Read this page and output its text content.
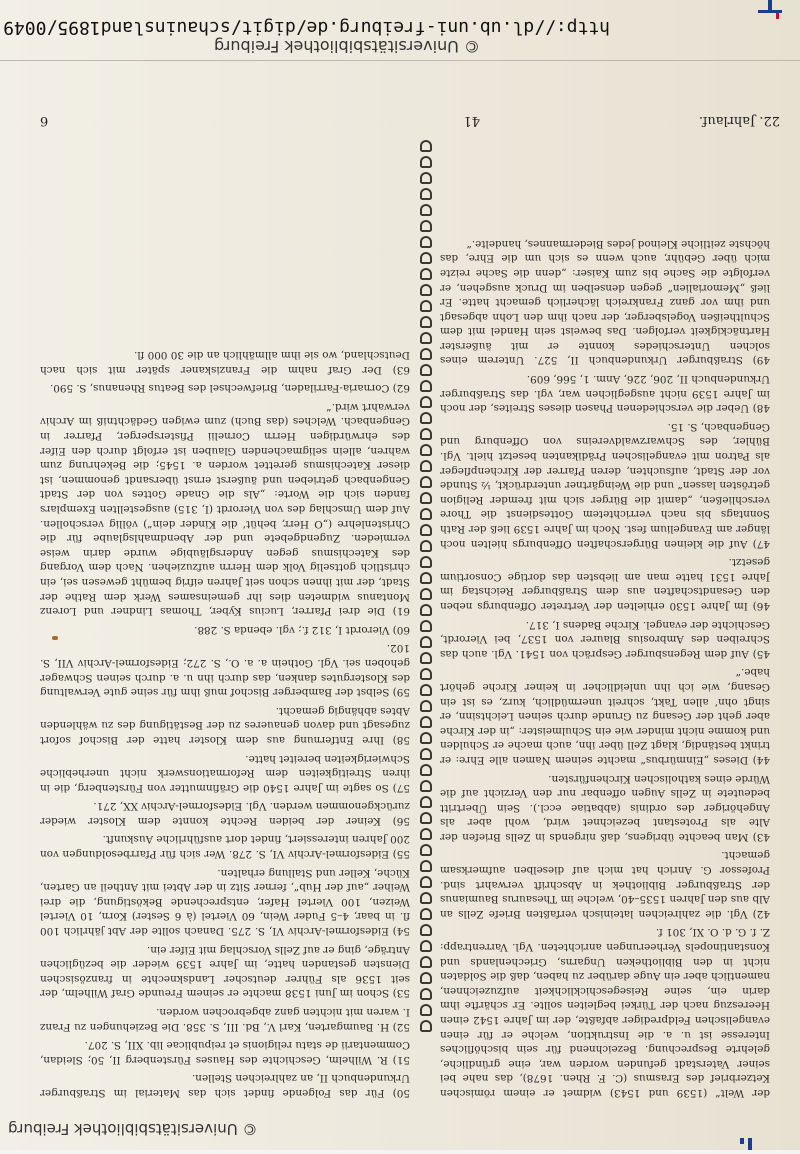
http://dl.ub.uni-freiburg.de/digit/schauinsland1895/0049
© Universitätsbibliothek Freiburg
22. Jahrlauf.
41
6

der Welt“ (1539 und 1543) widmet er einem römischen Ketzerbrief des Erasmus (C. F. Rhen. 1678), das nahe bei seiner Vaterstadt gefunden worden war, eine gründliche, gelehrte Besprechung. Bezeichnend für sein bischöfliches Interesse ist u. a. die Instruktion, welche er für einen evangelischen Feldprediger abfaßte, der im Jahre 1542 einen Heereszug nach der Türkei begleiten sollte. Er schärfte ihm darin ein, seine Reisegeschicklichkeit aufzuzeichnen, namentlich aber ein Auge darüber zu haben, daß die Soldaten nicht in den Bibliotheken Ungarns, Griechenlands und Konstantinopels Verheerungen anrichteten. Vgl. Varrentrapp: Z. f. G. d. O. XI, 301 f.

42) Vgl. die zahlreichen lateinisch verfaßten Briefe Zells an Alb aus den Jahren 1535–40, welche im Thesaurus Baumianus der Straßburger Bibliothek in Abschrift verwahrt sind. Professor G. Anrich hat mich auf dieselben aufmerksam gemacht.

43) Man beachte übrigens, daß nirgends in Zells Briefen der Alte als Protestant bezeichnet wird, wohl aber als Angehöriger des ordinis (abbatiae eccl.). Sein Übertritt bedeutete in Zells Augen offenbar nur den Verzicht auf die Würde eines katholischen Kirchenfürsten.

44) Dieses „Einmürbus“ machte seinem Namen alle Ehre: er trinkt beständig, klagt Zell über ihn, auch mache er Schulden und komme nicht minder wie ein Schulmeister: „in der Kirche aber geht der Gesang zu Grunde durch seinen Leichtsinn, er singt ohn’ allen Takt, schreit unermüdlich, kurz, es ist ein Gesang, wie ich ihn unleidlicher in keiner Kirche gehört habe.“

45) Auf dem Regensburger Gespräch von 1541. Vgl. auch das Schreiben des Ambrosius Blaurer von 1537, bei Vierordt, Geschichte der evangel. Kirche Badens I, 317.

46) Im Jahre 1530 erhielten der Vertreter Offenburgs neben den Gesandtschaften aus dem Straßburger Reichstag im Jahre 1531 hatte man am liebsten das dortige Consortium gesetzt.

47) Auf die kleinen Bürgerschaften Offenburgs hielten noch länger am Evangelium fest. Noch im Jahre 1539 ließ der Rath Sonntags bis nach verrichtetem Gottesdienst die Thore verschließen, „damit die Bürger sich mit fremder Religion getrösten lassen“ und die Weingärtner unterdrückt, ½ Stunde vor der Stadt, aufsuchten, deren Pfarrer der Kirchenpfleger als Patron mit evangelischen Prädikanten besetzt hielt. Vgl. Bühler, des Schwarzwaldvereins von Offenburg und Gengenbach, S. 15.

48) Ueber die verschiedenen Phasen dieses Streites, der noch im Jahre 1539 nicht ausgeglichen war, vgl. das Straßburger Urkundenbuch II, 206, 226, Anm. 1, 566, 609.

49) Straßburger Urkundenbuch II, 527. Unterem eines solchen Unterschiedes konnte er mit äußerster Hartnäckigkeit verfolgen. Das beweist sein Handel mit dem Schultheißen Vogelsberger, der nach ihm den Lohn abgesagt und ihm vor ganz Frankreich lächerlich gemacht hatte. Er ließ „Memorialien“ gegen denselben im Druck ausgehen, er verfolgte die Sache bis zum Kaiser: „denn die Sache reizte mich über Gebühr, auch wenn es sich um die Ehre, das höchste zeitliche Kleinod jedes Biedermannes, handelte.“

50) Für das Folgende findet sich das Material im Straßburger Urkundenbuch II, an zahlreichen Stellen.

51) R. Wilhelm, Geschichte des Hauses Fürstenberg II, 50; Sleidan, Commentarii de statu religionis et reipublicae lib. XII, S. 207.

52) H. Baumgarten, Karl V., Bd. III, S. 358. Die Beziehungen zu Franz I. waren mit nichten ganz abgebrochen worden.

53) Schon im Juni 1538 machte er seinem Freunde Graf Wilhelm, der seit 1536 als Führer deutscher Landsknechte in französischen Diensten gestanden hatte, im Jahre 1539 wieder die bezüglichen Anträge, ging er auf Zells Vorschlag mit Eifer ein.

54) Eidesformel-Archiv VI, S. 275. Danach sollte der Abt jährlich 100 fl. in baar, 4–5 Fuder Wein, 60 Viertel (à 6 Sester) Korn, 10 Viertel Weizen, 100 Viertel Hafer, entsprechende Beköstigung, die drei Weiher „auf der Hub“, ferner Sitz in der Abtei mit Antheil an Garten, Küche, Keller und Stallung erhalten.

55) Eidesformel-Archiv VI, S. 278. Wer sich für Pfarrbesoldungen von 200 Jahren interessiert, findet dort ausführliche Auskunft.

56) Keiner der beiden Rechte konnte dem Kloster wieder zurückgenommen werden. Vgl. Eidesformel-Archiv XX, 271.

57) So sagte im Jahre 1540 die Gräfinmutter von Fürstenberg, die in ihren Streitigkeiten dem Reformationswerk nicht unerhebliche Schwierigkeiten bereitet hatte.

58) Ihre Entfernung aus dem Kloster hatte der Bischof sofort zugesagt und davon genaueres zu der Bestätigung des zu wählenden Abtes abhängig gemacht.

59) Selbst der Bamberger Bischof muß ihm für seine gute Verwaltung des Klostergutes danken, das durch ihn u. a. durch seinen Schwager gehoben sei. Vgl. Gothein a. a. O., S. 272; Eidesformel-Archiv VII, S. 102.

60) Vierordt I, 312 f.; vgl. ebenda S. 288.

61) Die drei Pfarrer, Lucius Kyber, Thomas Lindner und Lorenz Montanus widmeten dies ihr gemeinsames Werk dem Rathe der Stadt, der mit ihnen schon seit Jahren eifrig bemüht gewesen sei, ein christlich gottselig Volk dem Herrn aufzuziehen. Nach dem Vorgang des Katechismus gegen Andersgläubige wurde darin weise vermieden. Zugendgebete und der Abendmahlsglaube für die Christenlehre („O Herr, behüt’ die Kinder dein“) völlig verschollen. Auf dem Umschlag des von Vierordt (I, 315) ausgestellten Exemplars fanden sich die Worte: „Als die Gnade Gottes von der Stadt Gengenbach getrieben und äußerst ernst übersandt genommen, ist dieser Katechismus gerettet worden a. 1545; die Bekehrung zum wahren, allein seligmachenden Glauben ist erfolgt durch den Eifer des ehrwürdigen Herrn Cornelii Pfistersperger, Pfarrer in Gengenbach. Welches (das Buch) zum ewigen Gedächtniß im Archiv verwahrt wird.“

62) Cornaria-Farriladen, Briefwechsel des Beatus Rhenanus, S. 590.

63) Der Graf nahm die Franziskaner später mit sich nach Deutschland, wo sie ihm allmählich an die 30 000 fl.

© Universitätsbibliothek Freiburg
